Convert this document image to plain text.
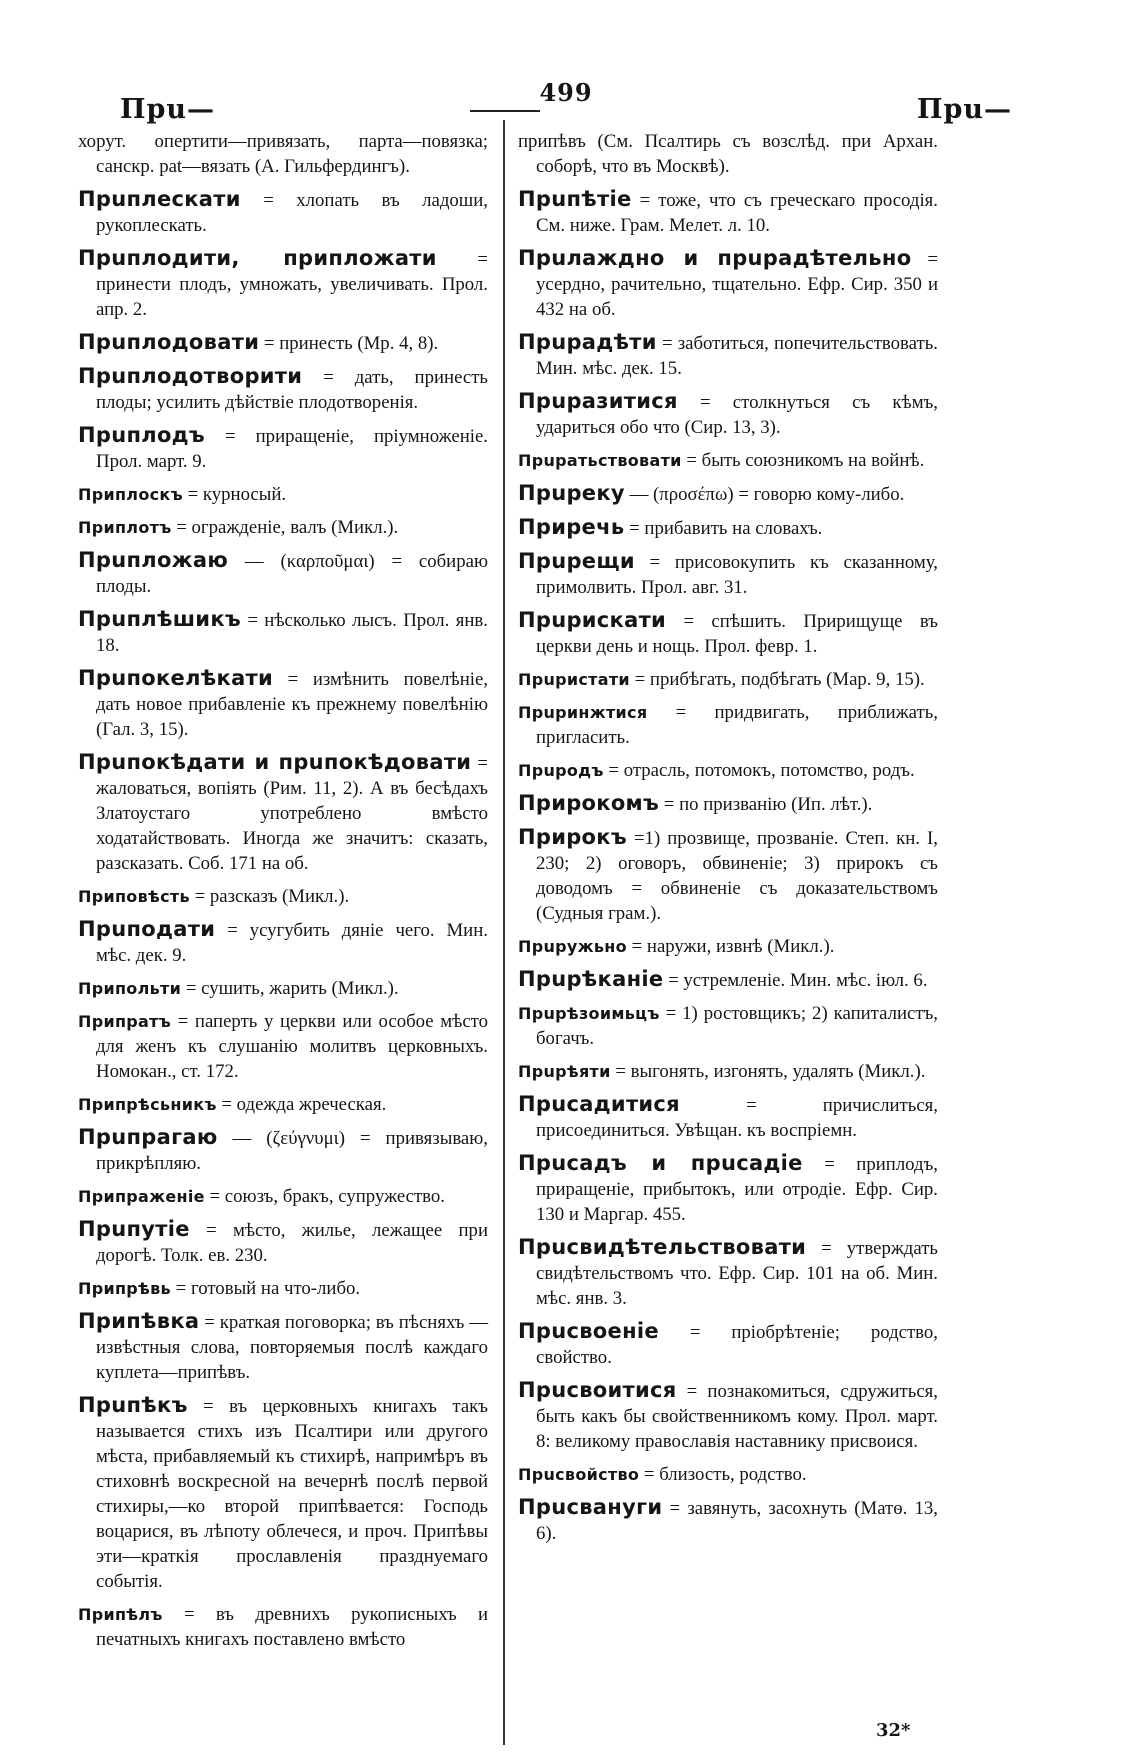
499
Пpu—	Пpu—
хорут. опертити—привязать, партa—повязка; санскр. pat—вязать (А. Гильфердингъ).
Прuплескати = хлопать въ ладоши, рукоплескать.
Прuплодити, припложати = принести плодъ, умножать, увеличивать. Прол. апр. 2.
Прuплодовати = принесть (Мр. 4, 8).
Прuплодотворити = дать, принесть плоды; усилить дѣйствіе плодотворенія.
Прuплодъ = приращеніе, пріумноженіе. Прол. март. 9.
Приплоскъ = курносый.
Приплотъ = огражденіе, валъ (Микл.).
Прuпложаю — (καρποῦμαι) = собираю плоды.
Прuплѣшикъ = нѣсколько лысъ. Прол. янв. 18.
Прuпокелѣкати = измѣнить повелѣніе, дать новое прибавленіе къ прежнему повелѣнію (Гал. 3, 15).
Прuпокѣдати и прuпокѣдовати = жаловаться, вопіять (Рим. 11, 2). А въ бесѣдахъ Златоустаго употреблено вмѣсто ходатайствовать. Иногда же значитъ: сказать, разсказать. Соб. 171 на об.
Приповѣсть = разсказъ (Микл.).
Прuподати = усугубить дяніе чего. Мин. мѣс. дек. 9.
Припольти = сушить, жарить (Микл.).
Припратъ = паперть у церкви или особое мѣсто для женъ къ слушанію молитвъ церковныхъ. Номокан., ст. 172.
Припрѣсьникъ = одежда жреческая.
Прuпрагаю — (ζεύγνυμι) = привязываю, прикрѣпляю.
Припраженіе = союзъ, бракъ, супружество.
Прuпутіе = мѣсто, жилье, лежащее при дорогѣ. Толк. ев. 230.
Припрѣвь = готовый на что-либо.
Припѣвка = краткая поговорка; въ пѣсняхъ — извѣстныя слова, повторяемыя послѣ каждаго куплета—припѣвъ.
Прuпѣкъ = въ церковныхъ книгахъ такъ называется стихъ изъ Псалтири или другого мѣста, прибавляемый къ стихирѣ, напримѣръ въ стиховнѣ воскресной на вечернѣ послѣ первой стихиры,—ко второй припѣвается: Господь воцарися, въ лѣпоту облечеся, и проч. Припѣвы эти—краткія прославленія празднуемаго событія.
Припѣлъ = въ древнихъ рукописныхъ и печатныхъ книгахъ поставлено вмѣсто
припѣвъ (См. Псалтирь съ возслѣд. при Архан. соборѣ, что въ Москвѣ).
Прuпѣтіе = тоже, что съ греческаго просодія. См. ниже. Грам. Мелет. л. 10.
Прuлаждно и прuрадѣтельно = усердно, рачительно, тщательно. Ефр. Сир. 350 и 432 на об.
Прuрадѣти = заботиться, попечительствовать. Мин. мѣс. дек. 15.
Прuразитися = столкнуться съ кѣмъ, удариться обо что (Сир. 13, 3).
Прuратьствовати = быть союзникомъ на войнѣ.
Прuреку — (προσέπω) = говорю кому-либо.
Приречь = прибавить на словахъ.
Прuрещи = присовокупить къ сказанному, примолвить. Прол. авг. 31.
Прuрискати = спѣшить. Пририщуще въ церкви день и нощь. Прол. февр. 1.
Прuристати = прибѣгать, подбѣгать (Мар. 9, 15).
Прuринжтися = придвигать, приближать, пригласить.
Прuродъ = отрасль, потомокъ, потомство, родъ.
Прирокомъ = по призванію (Ип. лѣт.).
Прирокъ =1) прозвище, прозваніе. Степ. кн. I, 230; 2) оговоръ, обвиненіе; 3) прирокъ съ доводомъ = обвиненіе съ доказательствомъ (Судныя грам.).
Прuружьно = наружи, извнѣ (Микл.).
Прuрѣканіе = устремленіе. Мин. мѣс. іюл. 6.
Прuрѣзоимьцъ = 1) ростовщикъ; 2) капиталистъ, богачъ.
Прuрѣяти = выгонять, изгонять, удалять (Микл.).
Прuсадитися = причислиться, присоединиться. Увѣщан. къ воспріемн.
Прuсадъ и прuсадіе = приплодъ, приращеніе, прибытокъ, или отродіе. Ефр. Сир. 130 и Маргар. 455.
Прuсвидѣтельствовати = утверждать свидѣтельствомъ что. Ефр. Сир. 101 на об. Мин. мѣс. янв. 3.
Прuсвоеніе = пріобрѣтеніе; родство, свойство.
Прuсвоитися = познакомиться, сдружиться, быть какъ бы свойственникомъ кому. Прол. март. 8: великому православія наставнику присвоися.
Прuсвойство = близость, родство.
Прuсвануги = завянуть, засохнуть (Матѳ. 13, 6).
32*
